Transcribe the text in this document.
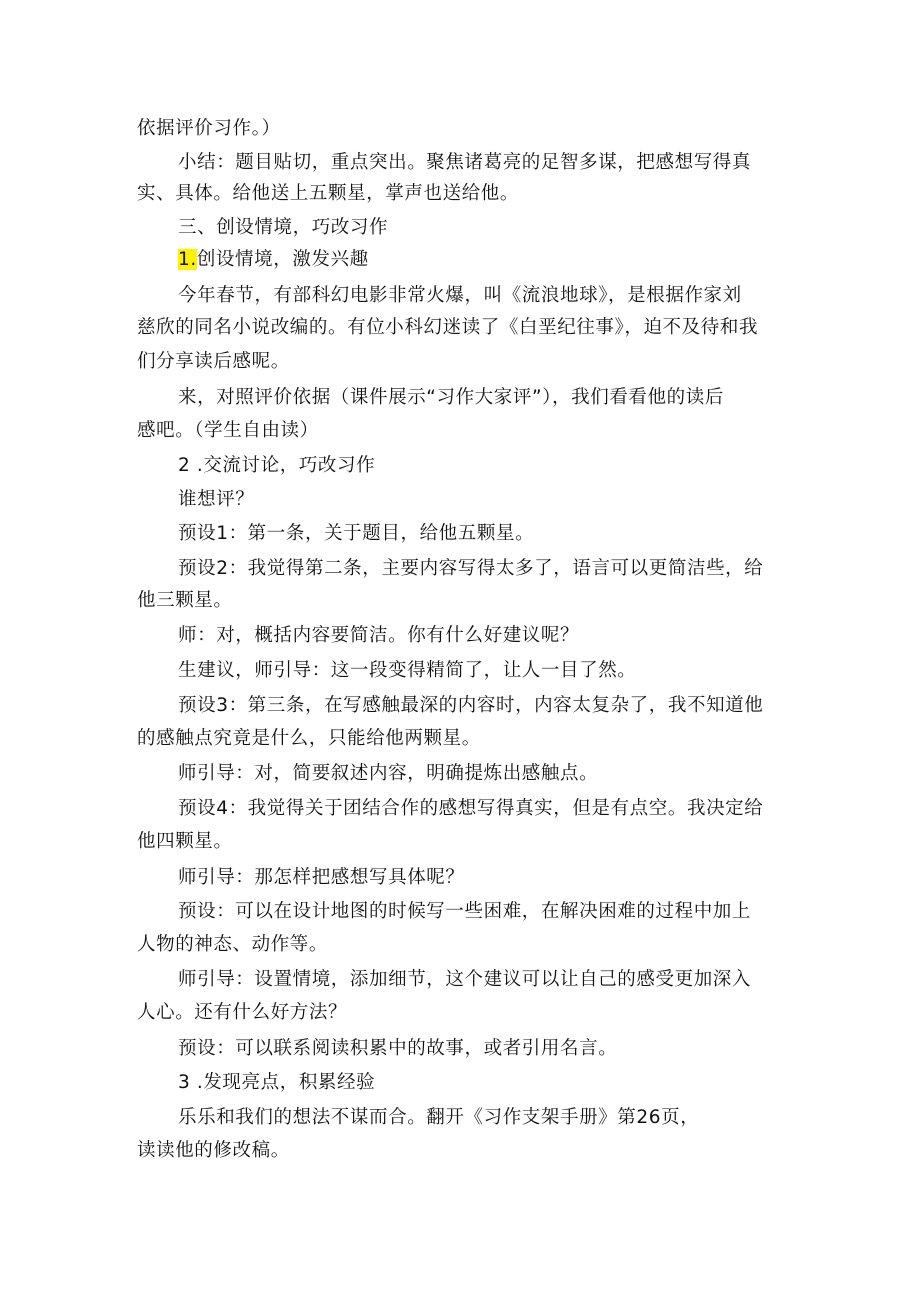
依据评价习作。）
小结：题目贴切，重点突出。聚焦诸葛亮的足智多谋，把感想写得真
实、具体。给他送上五颗星，掌声也送给他。
三、创设情境，巧改习作
1.创设情境，激发兴趣
今年春节，有部科幻电影非常火爆，叫《流浪地球》，是根据作家刘
慈欣的同名小说改编的。有位小科幻迷读了《白垩纪往事》，迫不及待和我
们分享读后感呢。
来，对照评价依据（课件展示“习作大家评”），我们看看他的读后
感吧。（学生自由读）
2 .交流讨论，巧改习作
谁想评？
预设1：第一条，关于题目，给他五颗星。
预设2：我觉得第二条，主要内容写得太多了，语言可以更简洁些，给
他三颗星。
师：对，概括内容要简洁。你有什么好建议呢？
生建议，师引导：这一段变得精简了，让人一目了然。
预设3：第三条，在写感触最深的内容时，内容太复杂了，我不知道他
的感触点究竟是什么，只能给他两颗星。
师引导：对，简要叙述内容，明确提炼出感触点。
预设4：我觉得关于团结合作的感想写得真实，但是有点空。我决定给
他四颗星。
师引导：那怎样把感想写具体呢？
预设：可以在设计地图的时候写一些困难，在解决困难的过程中加上
人物的神态、动作等。
师引导：设置情境，添加细节，这个建议可以让自己的感受更加深入
人心。还有什么好方法？
预设：可以联系阅读积累中的故事，或者引用名言。
3 .发现亮点，积累经验
乐乐和我们的想法不谋而合。翻开《习作支架手册》第26页，
读读他的修改稿。
